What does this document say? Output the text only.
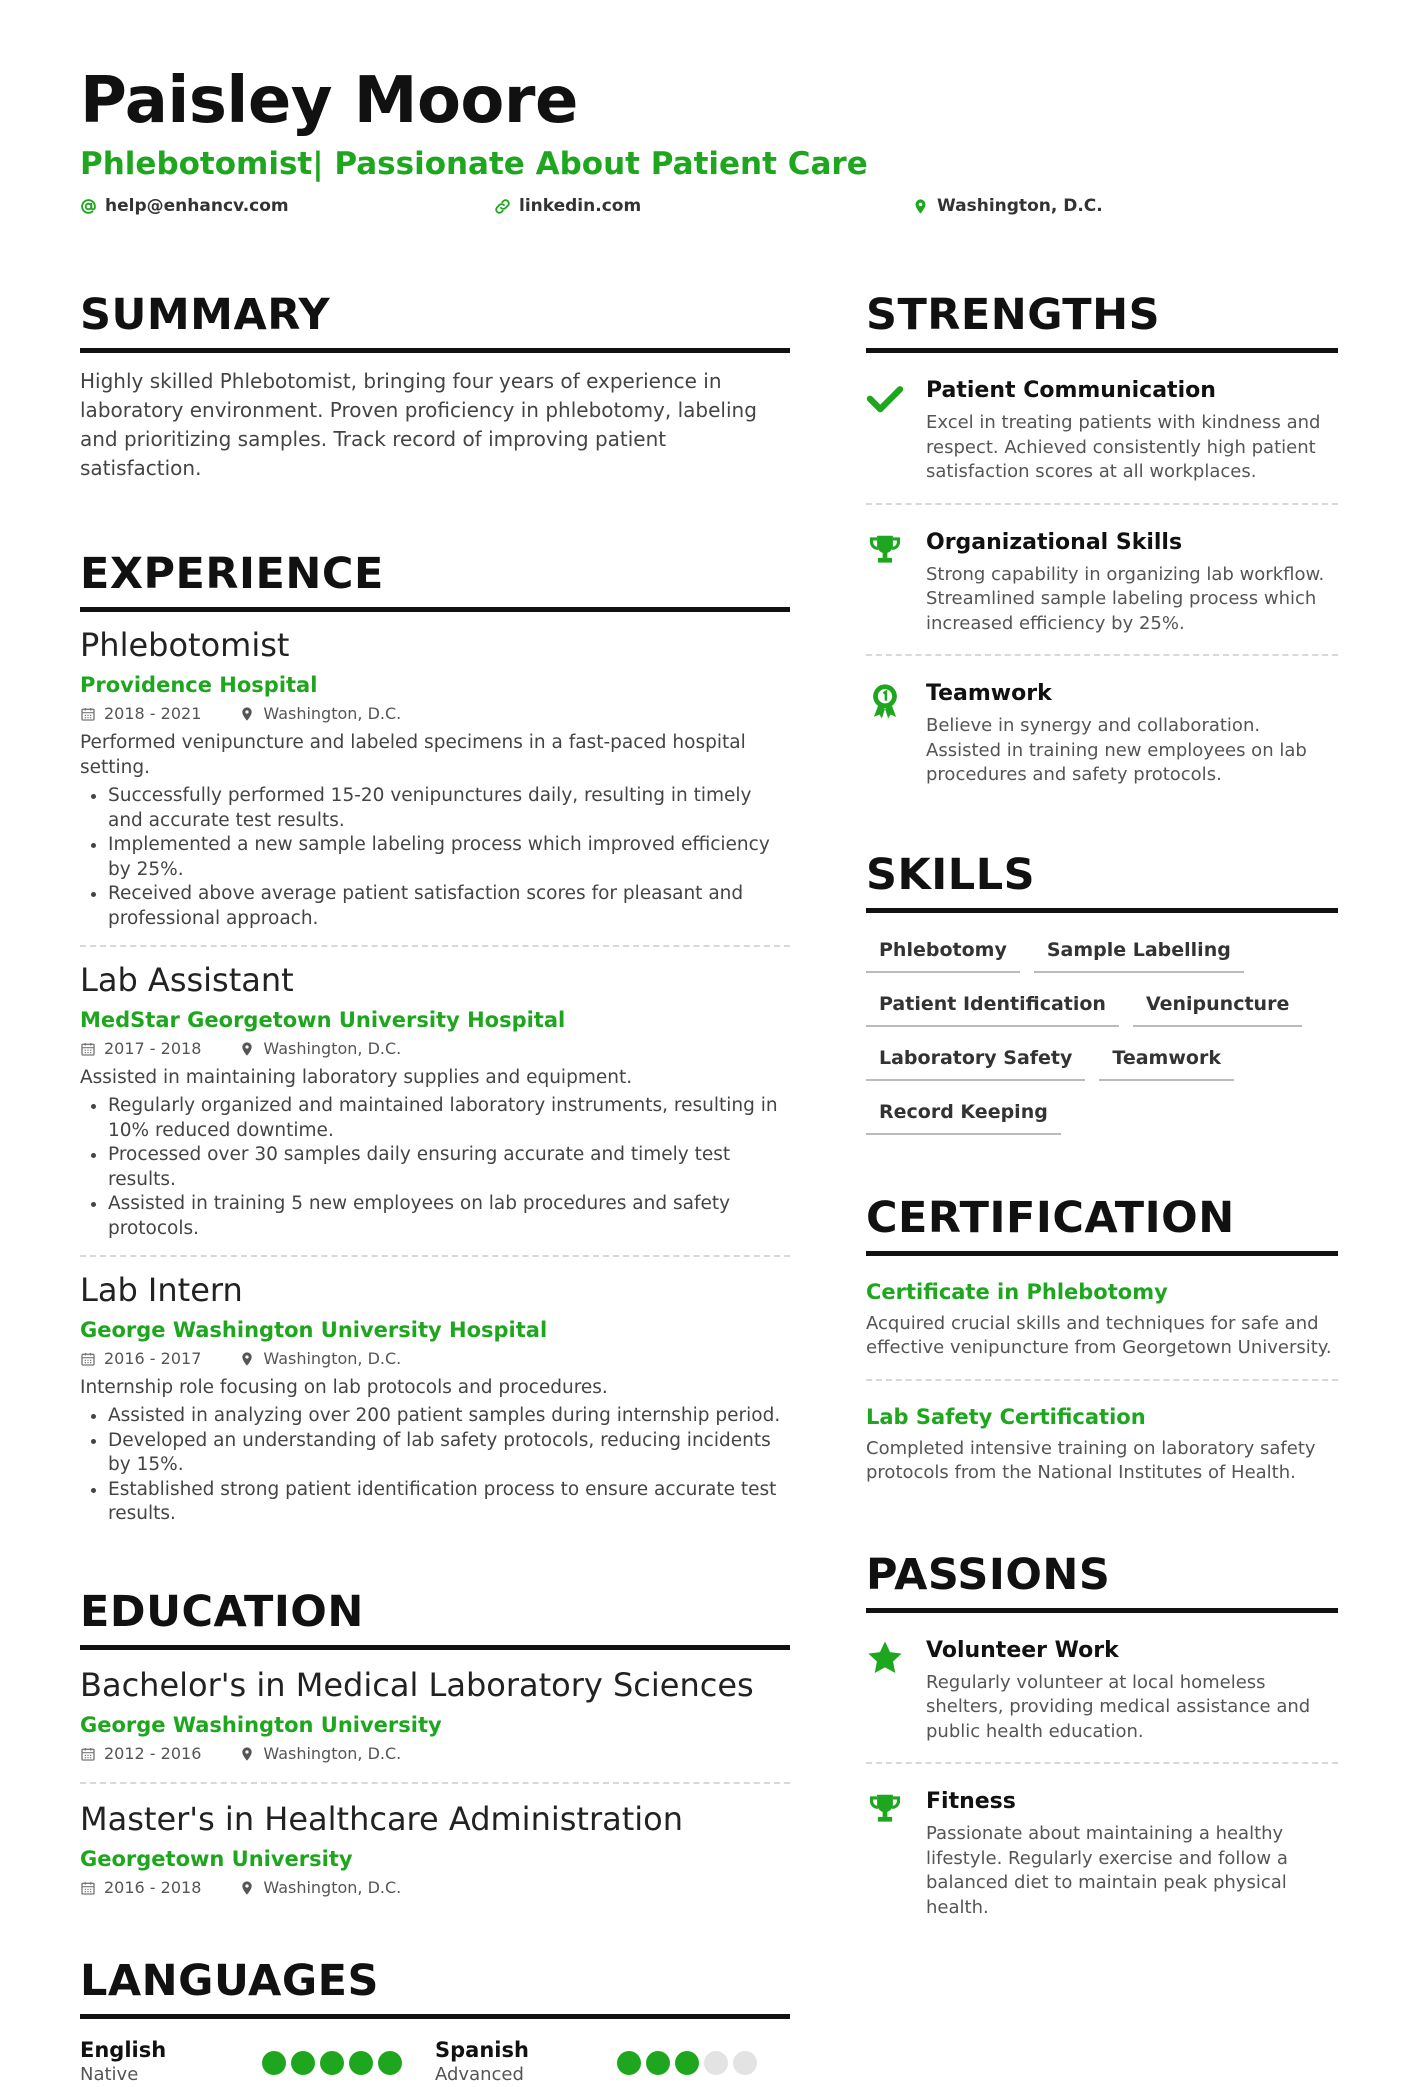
Paisley Moore
Phlebotomist| Passionate About Patient Care
help@enhancv.com	linkedin.com	Washington, D.C.
SUMMARY
Highly skilled Phlebotomist, bringing four years of experience in laboratory environment. Proven proficiency in phlebotomy, labeling and prioritizing samples. Track record of improving patient satisfaction.
EXPERIENCE
Phlebotomist
Providence Hospital
2018 - 2021	Washington, D.C.
Performed venipuncture and labeled specimens in a fast-paced hospital setting.
• Successfully performed 15-20 venipunctures daily, resulting in timely and accurate test results.
• Implemented a new sample labeling process which improved efficiency by 25%.
• Received above average patient satisfaction scores for pleasant and professional approach.
Lab Assistant
MedStar Georgetown University Hospital
2017 - 2018	Washington, D.C.
Assisted in maintaining laboratory supplies and equipment.
• Regularly organized and maintained laboratory instruments, resulting in 10% reduced downtime.
• Processed over 30 samples daily ensuring accurate and timely test results.
• Assisted in training 5 new employees on lab procedures and safety protocols.
Lab Intern
George Washington University Hospital
2016 - 2017	Washington, D.C.
Internship role focusing on lab protocols and procedures.
• Assisted in analyzing over 200 patient samples during internship period.
• Developed an understanding of lab safety protocols, reducing incidents by 15%.
• Established strong patient identification process to ensure accurate test results.
EDUCATION
Bachelor's in Medical Laboratory Sciences
George Washington University
2012 - 2016	Washington, D.C.
Master's in Healthcare Administration
Georgetown University
2016 - 2018	Washington, D.C.
LANGUAGES
English
Native
Spanish
Advanced
STRENGTHS
Patient Communication
Excel in treating patients with kindness and respect. Achieved consistently high patient satisfaction scores at all workplaces.
Organizational Skills
Strong capability in organizing lab workflow. Streamlined sample labeling process which increased efficiency by 25%.
Teamwork
Believe in synergy and collaboration. Assisted in training new employees on lab procedures and safety protocols.
SKILLS
Phlebotomy	Sample Labelling
Patient Identification	Venipuncture
Laboratory Safety	Teamwork
Record Keeping
CERTIFICATION
Certificate in Phlebotomy
Acquired crucial skills and techniques for safe and effective venipuncture from Georgetown University.
Lab Safety Certification
Completed intensive training on laboratory safety protocols from the National Institutes of Health.
PASSIONS
Volunteer Work
Regularly volunteer at local homeless shelters, providing medical assistance and public health education.
Fitness
Passionate about maintaining a healthy lifestyle. Regularly exercise and follow a balanced diet to maintain peak physical health.
